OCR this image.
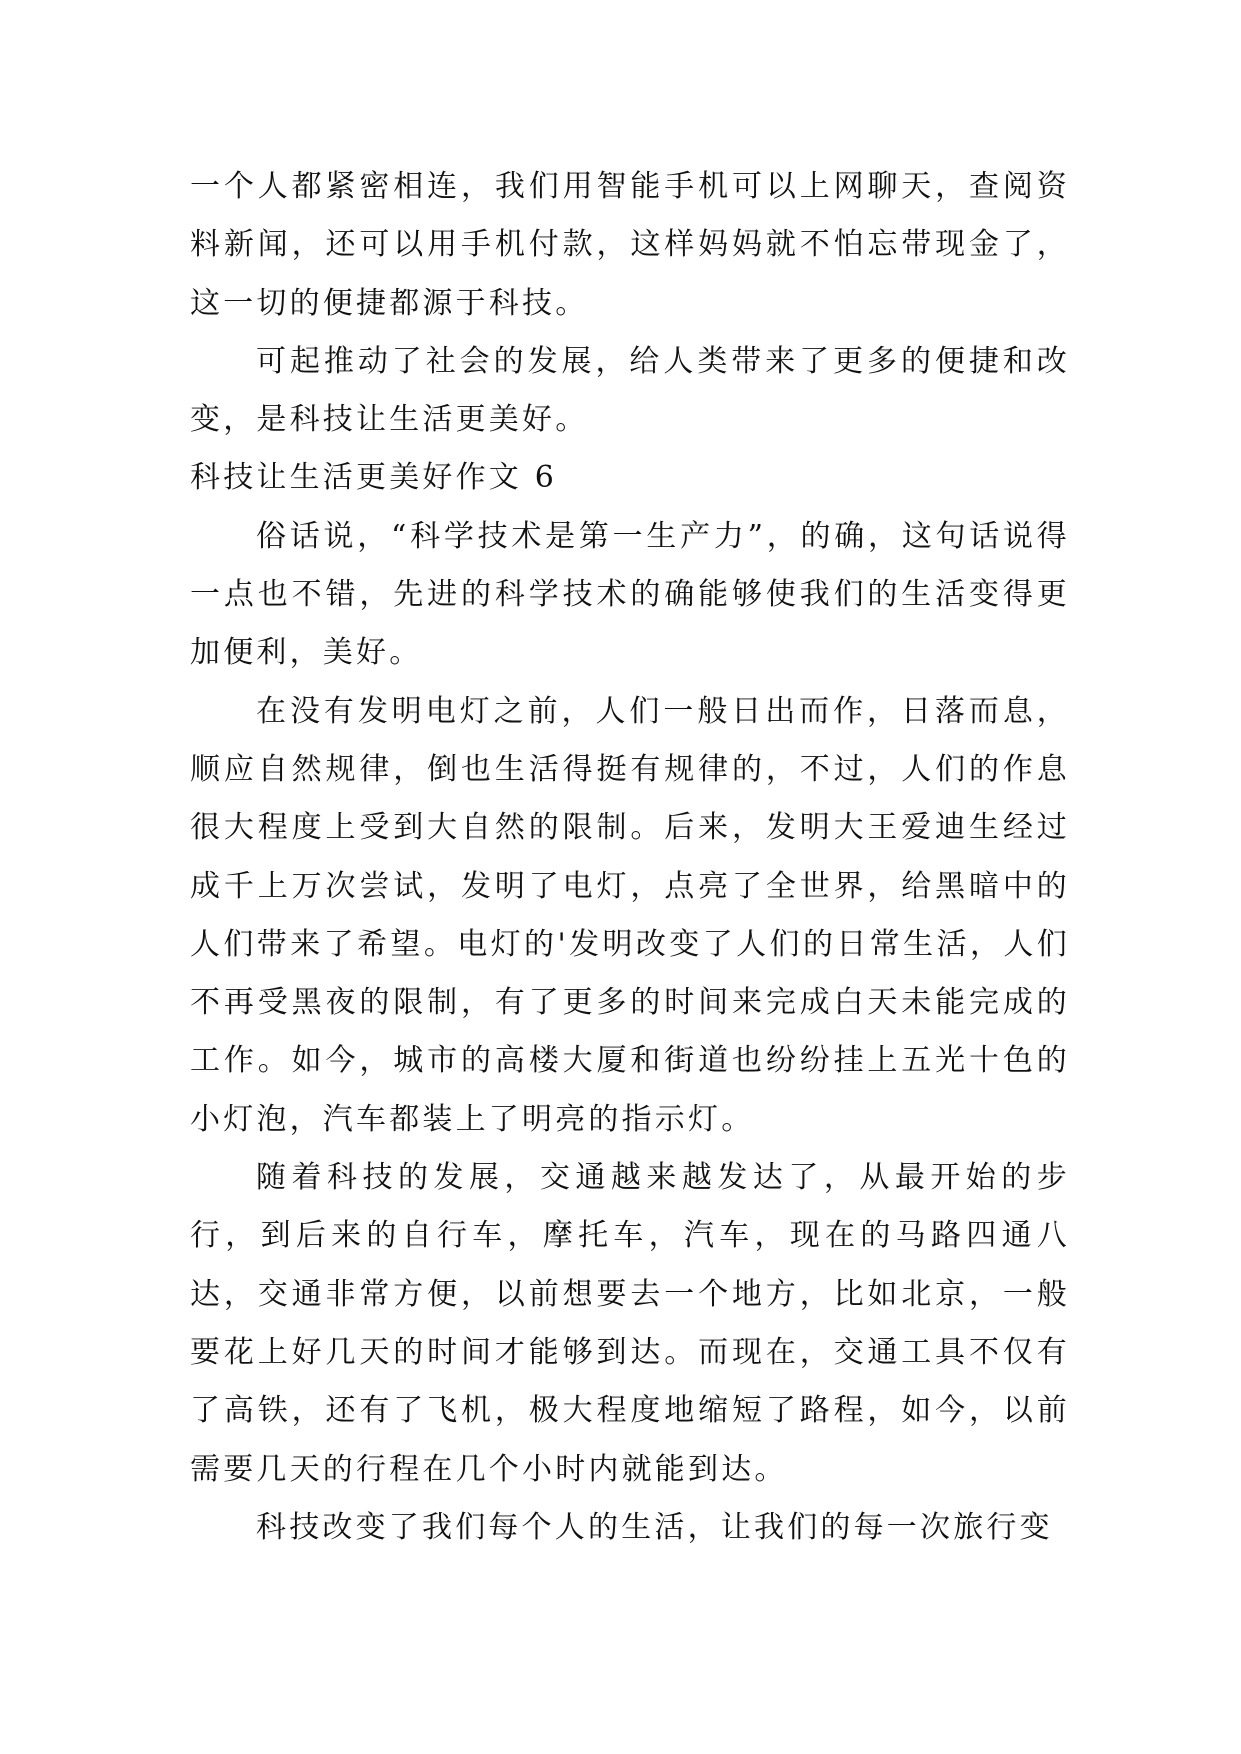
一个人都紧密相连，我们用智能手机可以上网聊天，查阅资料新闻，还可以用手机付款，这样妈妈就不怕忘带现金了，这一切的便捷都源于科技。

可起推动了社会的发展，给人类带来了更多的便捷和改变，是科技让生活更美好。

科技让生活更美好作文 6

俗话说，“科学技术是第一生产力”，的确，这句话说得一点也不错，先进的科学技术的确能够使我们的生活变得更加便利，美好。

在没有发明电灯之前，人们一般日出而作，日落而息，顺应自然规律，倒也生活得挺有规律的，不过，人们的作息很大程度上受到大自然的限制。后来，发明大王爱迪生经过成千上万次尝试，发明了电灯，点亮了全世界，给黑暗中的人们带来了希望。电灯的'发明改变了人们的日常生活，人们不再受黑夜的限制，有了更多的时间来完成白天未能完成的工作。如今，城市的高楼大厦和街道也纷纷挂上五光十色的小灯泡，汽车都装上了明亮的指示灯。

随着科技的发展，交通越来越发达了，从最开始的步行，到后来的自行车，摩托车，汽车，现在的马路四通八达，交通非常方便，以前想要去一个地方，比如北京，一般要花上好几天的时间才能够到达。而现在，交通工具不仅有了高铁，还有了飞机，极大程度地缩短了路程，如今，以前需要几天的行程在几个小时内就能到达。

科技改变了我们每个人的生活，让我们的每一次旅行变
